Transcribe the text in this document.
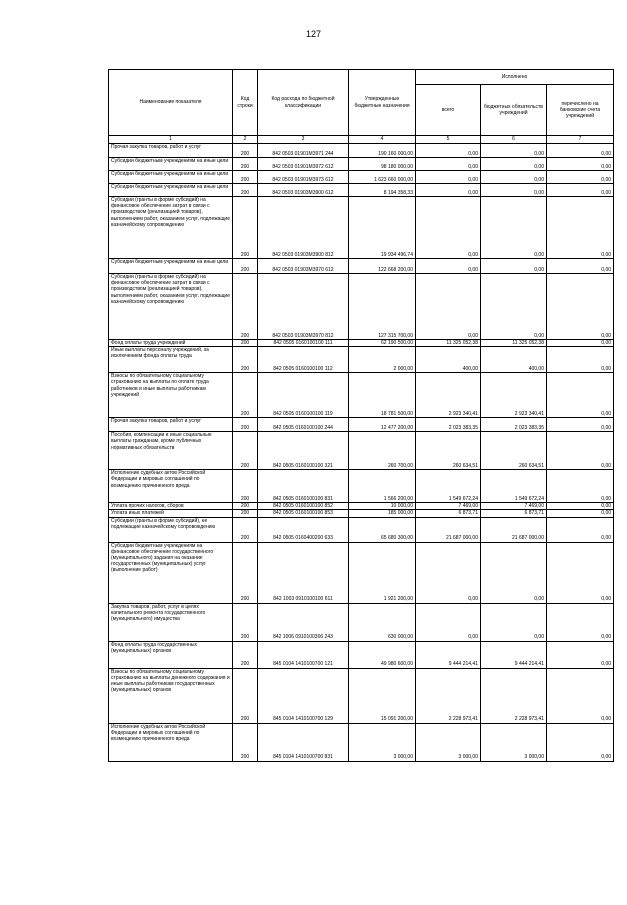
127
Наименование показателя	Код строки	Код расхода по бюджетной классификации	Утвержденные бюджетные назначения	Исполнено		
				всего	бюджетных обязательств учреждений	перечислено на банковские счета учреждений
1	2	3	4	5	6	7
Прочая закупка товаров, работ и услуг	200	842 0503 01901M3971 244	190 160 000,00	0,00	0,00	0,00
Субсидии бюджетным учреждениям на иные цели	200	842 0503 01901M3972 612	98 180 000,00	0,00	0,00	0,00
Субсидии бюджетным учреждениям на иные цели	200	842 0503 01901M3973 612	1 623 660 000,00	0,00	0,00	0,00
Субсидии бюджетным учреждениям на иные цели	200	842 0503 01903M3900 612	8 194 358,33	0,00	0,00	0,00
Субсидии (гранты в форме субсидий) на финансовое обеспечение затрат в связи с производством (реализацией товаров), выполнением работ, оказанием услуг, подлежащие казначейскому сопровождению	200	842 0503 01903M3900 812	19 934 496,74	0,00	0,00	0,00
Субсидии бюджетным учреждениям на иные цели	200	842 0503 01903M3970 612	122 668 200,00	0,00	0,00	0,00
Субсидии (гранты в форме субсидий) на финансовое обеспечение затрат в связи с производством (реализацией товаров), выполнением работ, оказанием услуг, подлежащие казначейскому сопровождению	200	842 0503 01903M3970 812	127 315 700,00	0,00	0,00	0,00
Фонд оплаты труда учреждений	200	842 0505 0160100100 111	62 190 500,00	11 325 052,38	11 325 052,38	0,00
Иные выплаты персоналу учреждений, за исключением фонда оплаты труда	200	842 0505 0160100100 112	2 000,00	400,00	400,00	0,00
Взносы по обязательному социальному страхованию на выплаты по оплате труда работников и иные выплаты работникам учреждений	200	842 0505 0160100100 119	18 781 500,00	2 923 340,41	2 923 340,41	0,00
Прочая закупка товаров, работ и услуг	200	842 0505 0160100100 244	12 477 200,00	2 023 383,35	2 023 383,35	0,00
Пособия, компенсации и иные социальные выплаты гражданам, кроме публичных нормативных обязательств	200	842 0505 0160100100 321	260 700,00	260 634,51	260 634,51	0,00
Исполнение судебных актов Российской Федерации и мировых соглашений по возмещению причиненного вреда	200	842 0505 0160100100 831	1 566 200,00	1 549 672,24	1 549 672,24	0,00
Уплата прочих налогов, сборов	200	842 0505 0160100100 852	10 000,00	7 469,00	7 469,00	0,00
Уплата иных платежей	200	842 0505 0160100100 853	185 000,00	6 873,71	6 873,71	0,00
Субсидии (гранты в форме субсидий), не подлежащие казначейскому сопровождению	200	842 0505 0160400200 633	65 680 300,00	21 687 000,00	21 687 000,00	0,00
Субсидии бюджетным учреждениям на финансовое обеспечение государственного (муниципального) задания на оказание государственных (муниципальных) услуг (выполнение работ)	200	842 1003 0910100100 611	1 921 200,00	0,00	0,00	0,00
Закупка товаров, работ, услуг в целях капитального ремонта государственного (муниципального) имущества	200	842 1006 0910100306 243	630 000,00	0,00	0,00	0,00
Фонд оплаты труда государственных (муниципальных) органов	200	845 0104 1410100700 121	49 980 600,00	9 444 214,41	9 444 214,41	0,00
Взносы по обязательному социальному страхованию на выплаты денежного содержания и иные выплаты работникам государственных (муниципальных) органов	200	845 0104 1410100700 129	15 091 200,00	2 228 973,41	2 228 973,41	0,00
Исполнение судебных актов Российской Федерации и мировых соглашений по возмещению причиненного вреда	200	845 0104 1410100700 831	3 000,00	3 000,00	3 000,00	0,00
